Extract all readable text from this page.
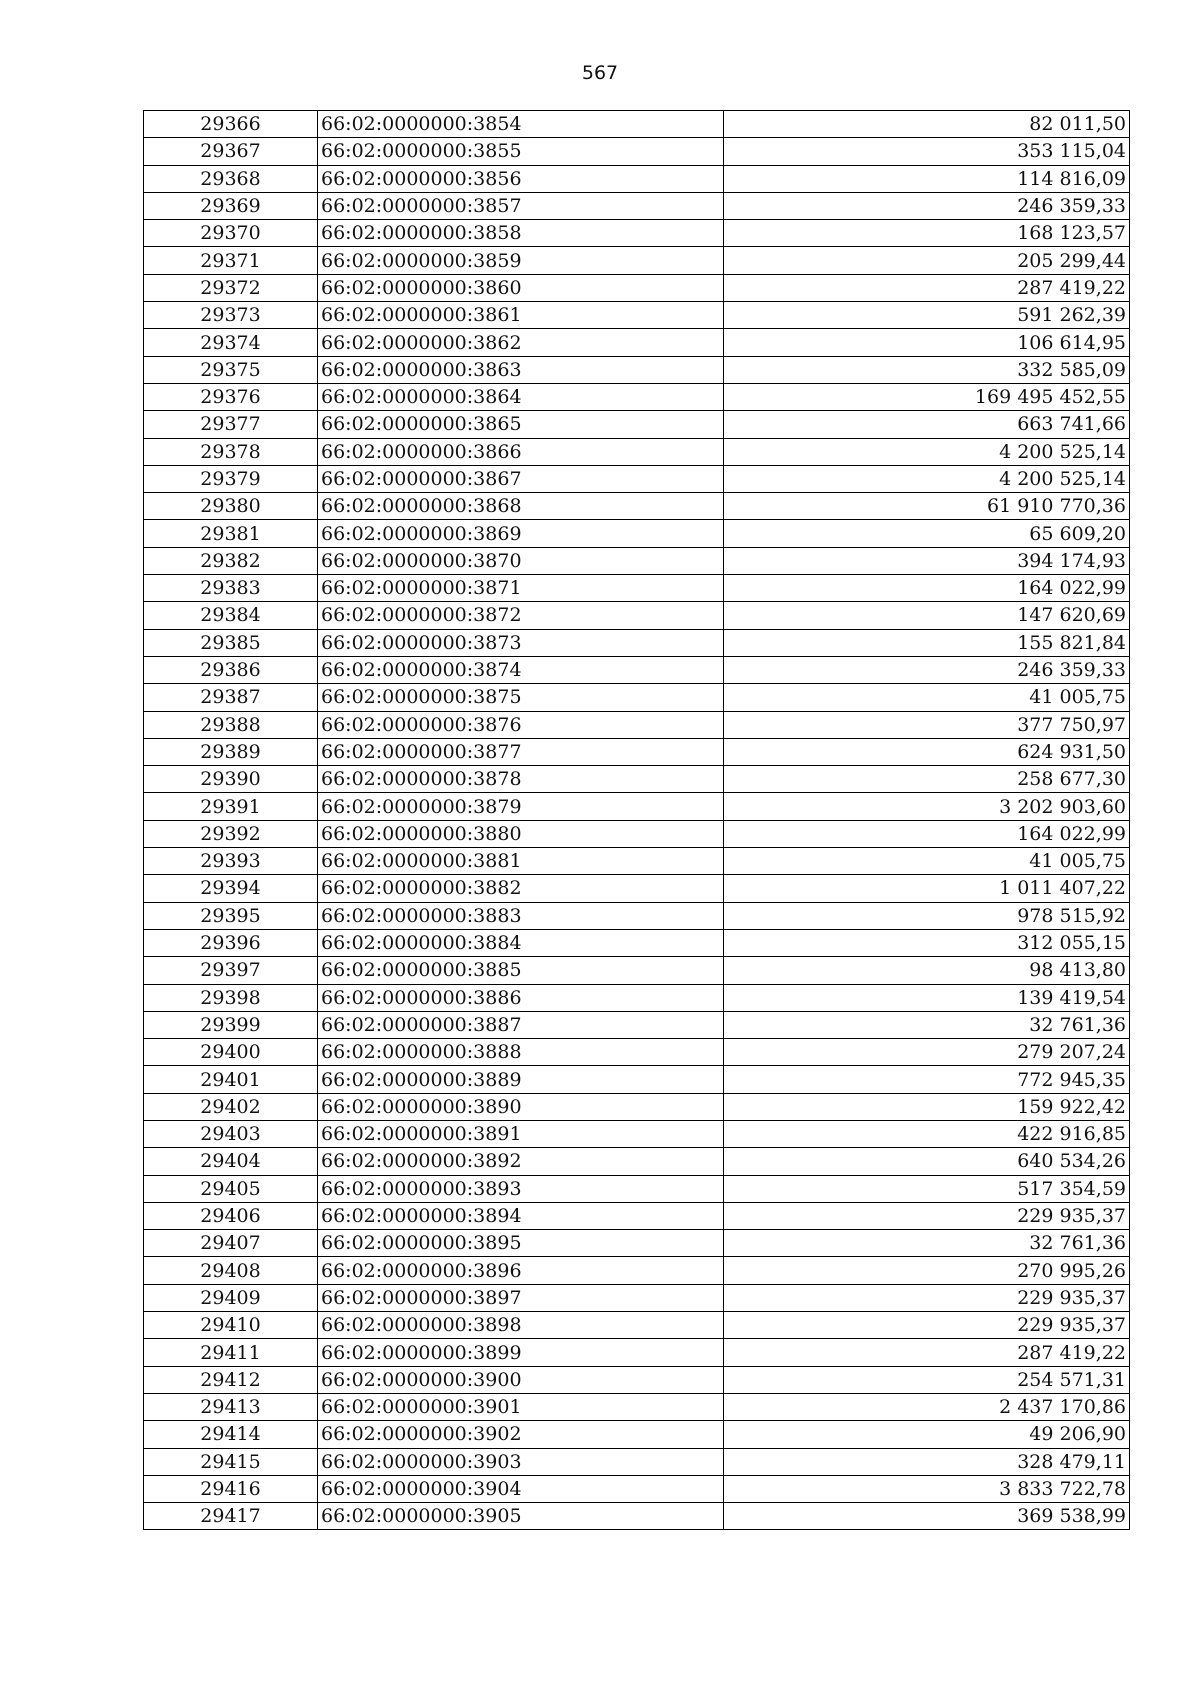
567
29366	66:02:0000000:3854	82 011,50
29367	66:02:0000000:3855	353 115,04
29368	66:02:0000000:3856	114 816,09
29369	66:02:0000000:3857	246 359,33
29370	66:02:0000000:3858	168 123,57
29371	66:02:0000000:3859	205 299,44
29372	66:02:0000000:3860	287 419,22
29373	66:02:0000000:3861	591 262,39
29374	66:02:0000000:3862	106 614,95
29375	66:02:0000000:3863	332 585,09
29376	66:02:0000000:3864	169 495 452,55
29377	66:02:0000000:3865	663 741,66
29378	66:02:0000000:3866	4 200 525,14
29379	66:02:0000000:3867	4 200 525,14
29380	66:02:0000000:3868	61 910 770,36
29381	66:02:0000000:3869	65 609,20
29382	66:02:0000000:3870	394 174,93
29383	66:02:0000000:3871	164 022,99
29384	66:02:0000000:3872	147 620,69
29385	66:02:0000000:3873	155 821,84
29386	66:02:0000000:3874	246 359,33
29387	66:02:0000000:3875	41 005,75
29388	66:02:0000000:3876	377 750,97
29389	66:02:0000000:3877	624 931,50
29390	66:02:0000000:3878	258 677,30
29391	66:02:0000000:3879	3 202 903,60
29392	66:02:0000000:3880	164 022,99
29393	66:02:0000000:3881	41 005,75
29394	66:02:0000000:3882	1 011 407,22
29395	66:02:0000000:3883	978 515,92
29396	66:02:0000000:3884	312 055,15
29397	66:02:0000000:3885	98 413,80
29398	66:02:0000000:3886	139 419,54
29399	66:02:0000000:3887	32 761,36
29400	66:02:0000000:3888	279 207,24
29401	66:02:0000000:3889	772 945,35
29402	66:02:0000000:3890	159 922,42
29403	66:02:0000000:3891	422 916,85
29404	66:02:0000000:3892	640 534,26
29405	66:02:0000000:3893	517 354,59
29406	66:02:0000000:3894	229 935,37
29407	66:02:0000000:3895	32 761,36
29408	66:02:0000000:3896	270 995,26
29409	66:02:0000000:3897	229 935,37
29410	66:02:0000000:3898	229 935,37
29411	66:02:0000000:3899	287 419,22
29412	66:02:0000000:3900	254 571,31
29413	66:02:0000000:3901	2 437 170,86
29414	66:02:0000000:3902	49 206,90
29415	66:02:0000000:3903	328 479,11
29416	66:02:0000000:3904	3 833 722,78
29417	66:02:0000000:3905	369 538,99
